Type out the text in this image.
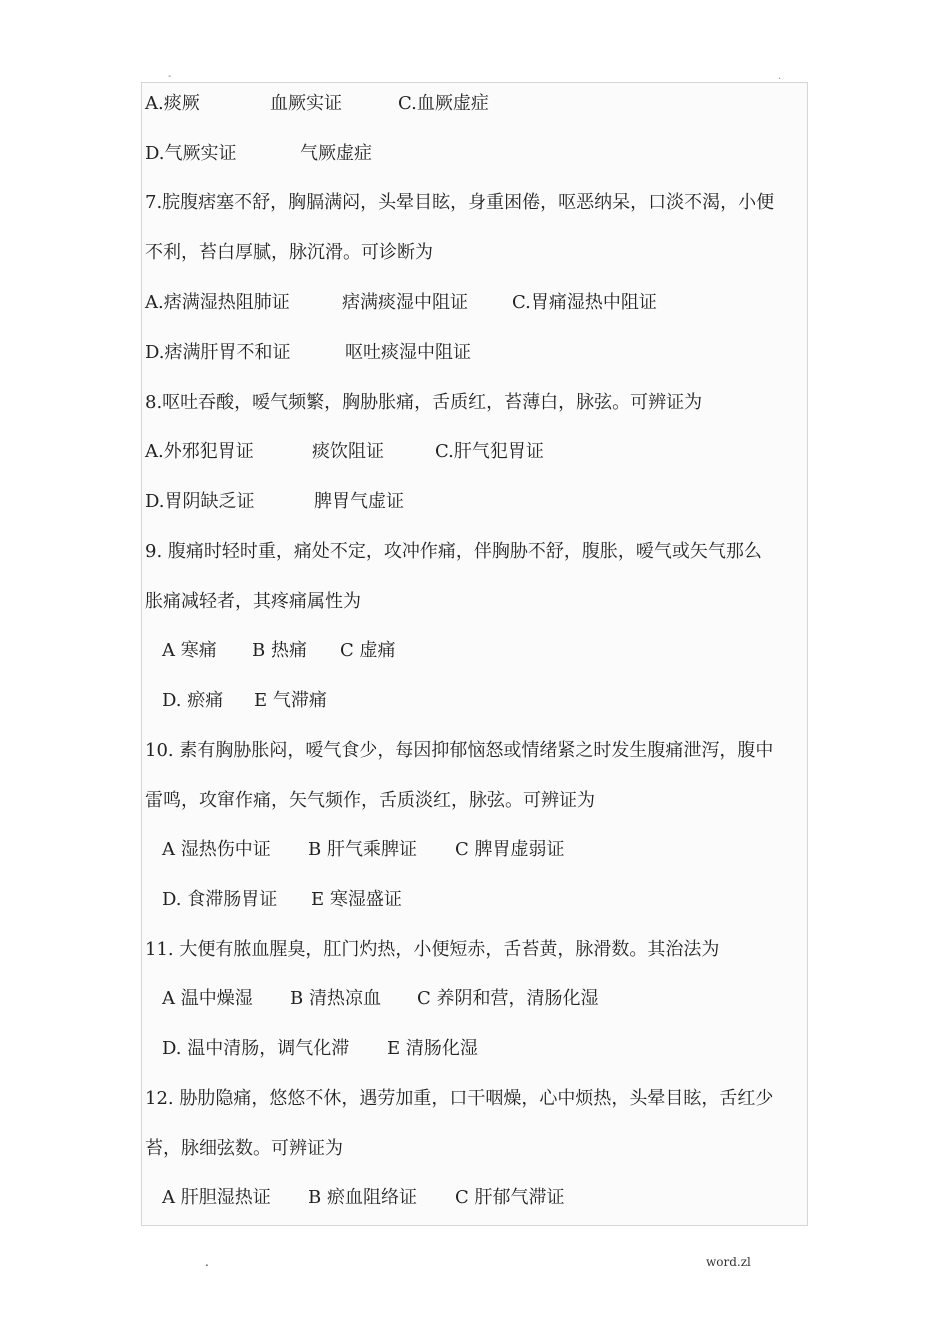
-	.
A.痰厥	血厥实证	C.血厥虚症
D.气厥实证	气厥虚症
7.脘腹痞塞不舒，胸膈满闷，头晕目眩，身重困倦，呕恶纳呆，口淡不渴，小便
不利，苔白厚腻，脉沉滑。可诊断为
A.痞满湿热阻肺证	痞满痰湿中阻证 C.胃痛湿热中阻证
D.痞满肝胃不和证	呕吐痰湿中阻证
8.呕吐吞酸，嗳气频繁，胸胁胀痛，舌质红，苔薄白，脉弦。可辨证为
A.外邪犯胃证	痰饮阻证	C.肝气犯胃证
D.胃阴缺乏证	脾胃气虚证
9. 腹痛时轻时重，痛处不定，攻冲作痛，伴胸胁不舒，腹胀，嗳气或矢气那么
胀痛减轻者，其疼痛属性为
A 寒痛 B 热痛 C 虚痛
D. 瘀痛 E 气滞痛
10. 素有胸胁胀闷，嗳气食少，每因抑郁恼怒或情绪紧之时发生腹痛泄泻，腹中
雷鸣，攻窜作痛，矢气频作，舌质淡红，脉弦。可辨证为
A 湿热伤中证 B 肝气乘脾证 C 脾胃虚弱证
D. 食滞肠胃证 E 寒湿盛证
11. 大便有脓血腥臭，肛门灼热，小便短赤，舌苔黄，脉滑数。其治法为
A 温中燥湿 B 清热凉血 C 养阴和营，清肠化湿
D. 温中清肠，调气化滞 E 清肠化湿
12. 胁肋隐痛，悠悠不休，遇劳加重，口干咽燥，心中烦热，头晕目眩，舌红少
苔，脉细弦数。可辨证为
A 肝胆湿热证 B 瘀血阻络证 C 肝郁气滞证
.	word.zl
